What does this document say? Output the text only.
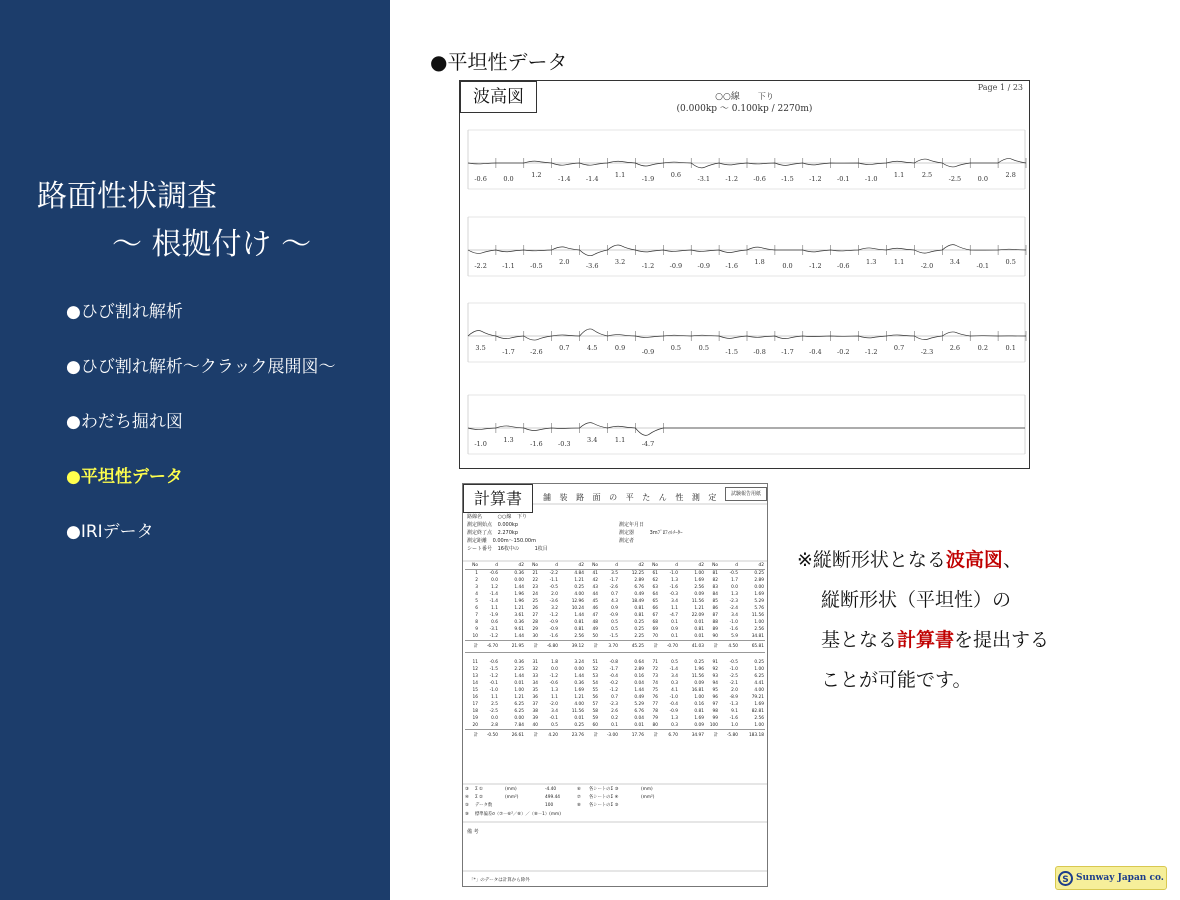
路面性状調査
～ 根拠付け ～
●ひび割れ解析
●ひび割れ解析～クラック展開図～
●わだち掘れ図
●平坦性データ
●IRIデータ
●平坦性データ
-0.6	0.0	1.2	-1.4 -1.4	1.1	-1.9	0.6	-3.1 -1.2 -0.6 -1.5 -1.2 -0.1 -1.0	1.1	2.5	-2.5	0.0	2.8
-2.2 -1.1 -0.5	2.0	-3.6	3.2	-1.2 -0.9 -0.9 -1.6	1.8	0.0	-1.2 -0.6	1.3	1.1	-2.0	3.4	-0.1	0.5
3.5	-1.7 -2.6	0.7	4.5	0.9	-0.9	0.5	0.5	-1.5 -0.8 -1.7 -0.4 -0.2 -1.2	0.7	-2.3	2.6	0.2	0.1
-1.0	1.3	-1.6 -0.3	3.4	1.1	-4.7
波高図	Page 1 / 23
○○線 下り
(0.000kp ～ 0.100kp / 2270m)
舗 装 路 面 の 平 た ん 性 測 定	試験報告用紙
計算書
路線名	○○線 下り
測定開始点 0.000kp
測定終了点 2.270kp
測定距離 0.00m～150.00m
シート番号 16枚中の	1枚目
測定年月日
測定器	3mﾌﾟﾛﾌｨﾙﾒｰﾀｰ
測定者
No	d	d2	No	d	d2	No	d	d2	No	d	d2	No	d	d2
1	-0.6	0.36	21	-2.2	4.84	41	3.5	12.25	61	-1.0	1.00	81	-0.5	0.25
2	0.0	0.00	22	-1.1	1.21	42	-1.7	2.89	62	1.3	1.69	82	1.7	2.89
3	1.2	1.44	23	-0.5	0.25	43	-2.6	6.76	63	-1.6	2.56	83	0.0	0.00
4	-1.4	1.96	24	2.0	4.00	44	0.7	0.49	64	-0.3	0.09	84	1.3	1.69
5	-1.4	1.96	25	-3.6	12.96	45	4.3	18.49	65	3.4	11.56	85	-2.3	5.29
6	1.1	1.21	26	3.2	10.24	46	0.9	0.81	66	1.1	1.21	86	-2.4	5.76
7	-1.9	3.61	27	-1.2	1.44	47	-0.9	0.81	67	-4.7	22.09	87	3.4	11.56
8	0.6	0.36	28	-0.9	0.81	48	0.5	0.25	68	0.1	0.01	88	-1.0	1.00
9	-3.1	9.61	29	-0.9	0.81	49	0.5	0.25	69	0.9	0.81	89	-1.6	2.56
10	-1.2	1.44	30	-1.6	2.56	50	-1.5	2.25	70	0.1	0.01	90	5.9	34.81
計	-6.70	21.95	計	-6.80	39.12	計	3.70	45.25	計	-0.70	41.03	計	4.50	65.81

11	-0.6	0.36	31	1.8	3.24	51	-0.8	0.64	71	0.5	0.25	91	-0.5	0.25
12	-1.5	2.25	32	0.0	0.00	52	-1.7	2.89	72	-1.4	1.96	92	-1.0	1.00
13	-1.2	1.44	33	-1.2	1.44	53	-0.4	0.16	73	3.4	11.56	93	-2.5	6.25
14	-0.1	0.01	34	-0.6	0.36	54	-0.2	0.04	74	0.3	0.09	94	-2.1	4.41
15	-1.0	1.00	35	1.3	1.69	55	-1.2	1.44	75	4.1	16.81	95	2.0	4.00
16	1.1	1.21	36	1.1	1.21	56	0.7	0.49	76	-1.0	1.00	96	-8.9	79.21
17	2.5	6.25	37	-2.0	4.00	57	-2.3	5.29	77	-0.4	0.16	97	-1.3	1.69
18	-2.5	6.25	38	3.4	11.56	58	2.6	6.76	78	-0.9	0.81	98	9.1	82.81
19	0.0	0.00	39	-0.1	0.01	59	0.2	0.04	79	1.3	1.69	99	-1.6	2.56
20	2.8	7.84	40	0.5	0.25	60	0.1	0.01	80	0.3	0.09	100	1.0	1.00
計	-0.50	26.61	計	4.20	23.76	計	-3.00	17.76	計	6.70	34.97	計	-5.80	183.18
③ Σ ①	(mm)	-4.40	⑥ 各シートのΣ ③	(mm)
④ Σ ②	(mm²)	499.44	⑦ 各シートのΣ ④	(mm²)
⑤ データ数	100	⑧ 各シートのΣ ⑤
⑨ 標準偏差σ（⑦－⑥²／⑧）／（⑧－1）(mm)
備 考
「*」のデータは計算から除外

※縦断形状となる波高図、

縦断形状（平坦性）の

基となる計算書を提出する

ことが可能です。

S Sunway Japan co.
